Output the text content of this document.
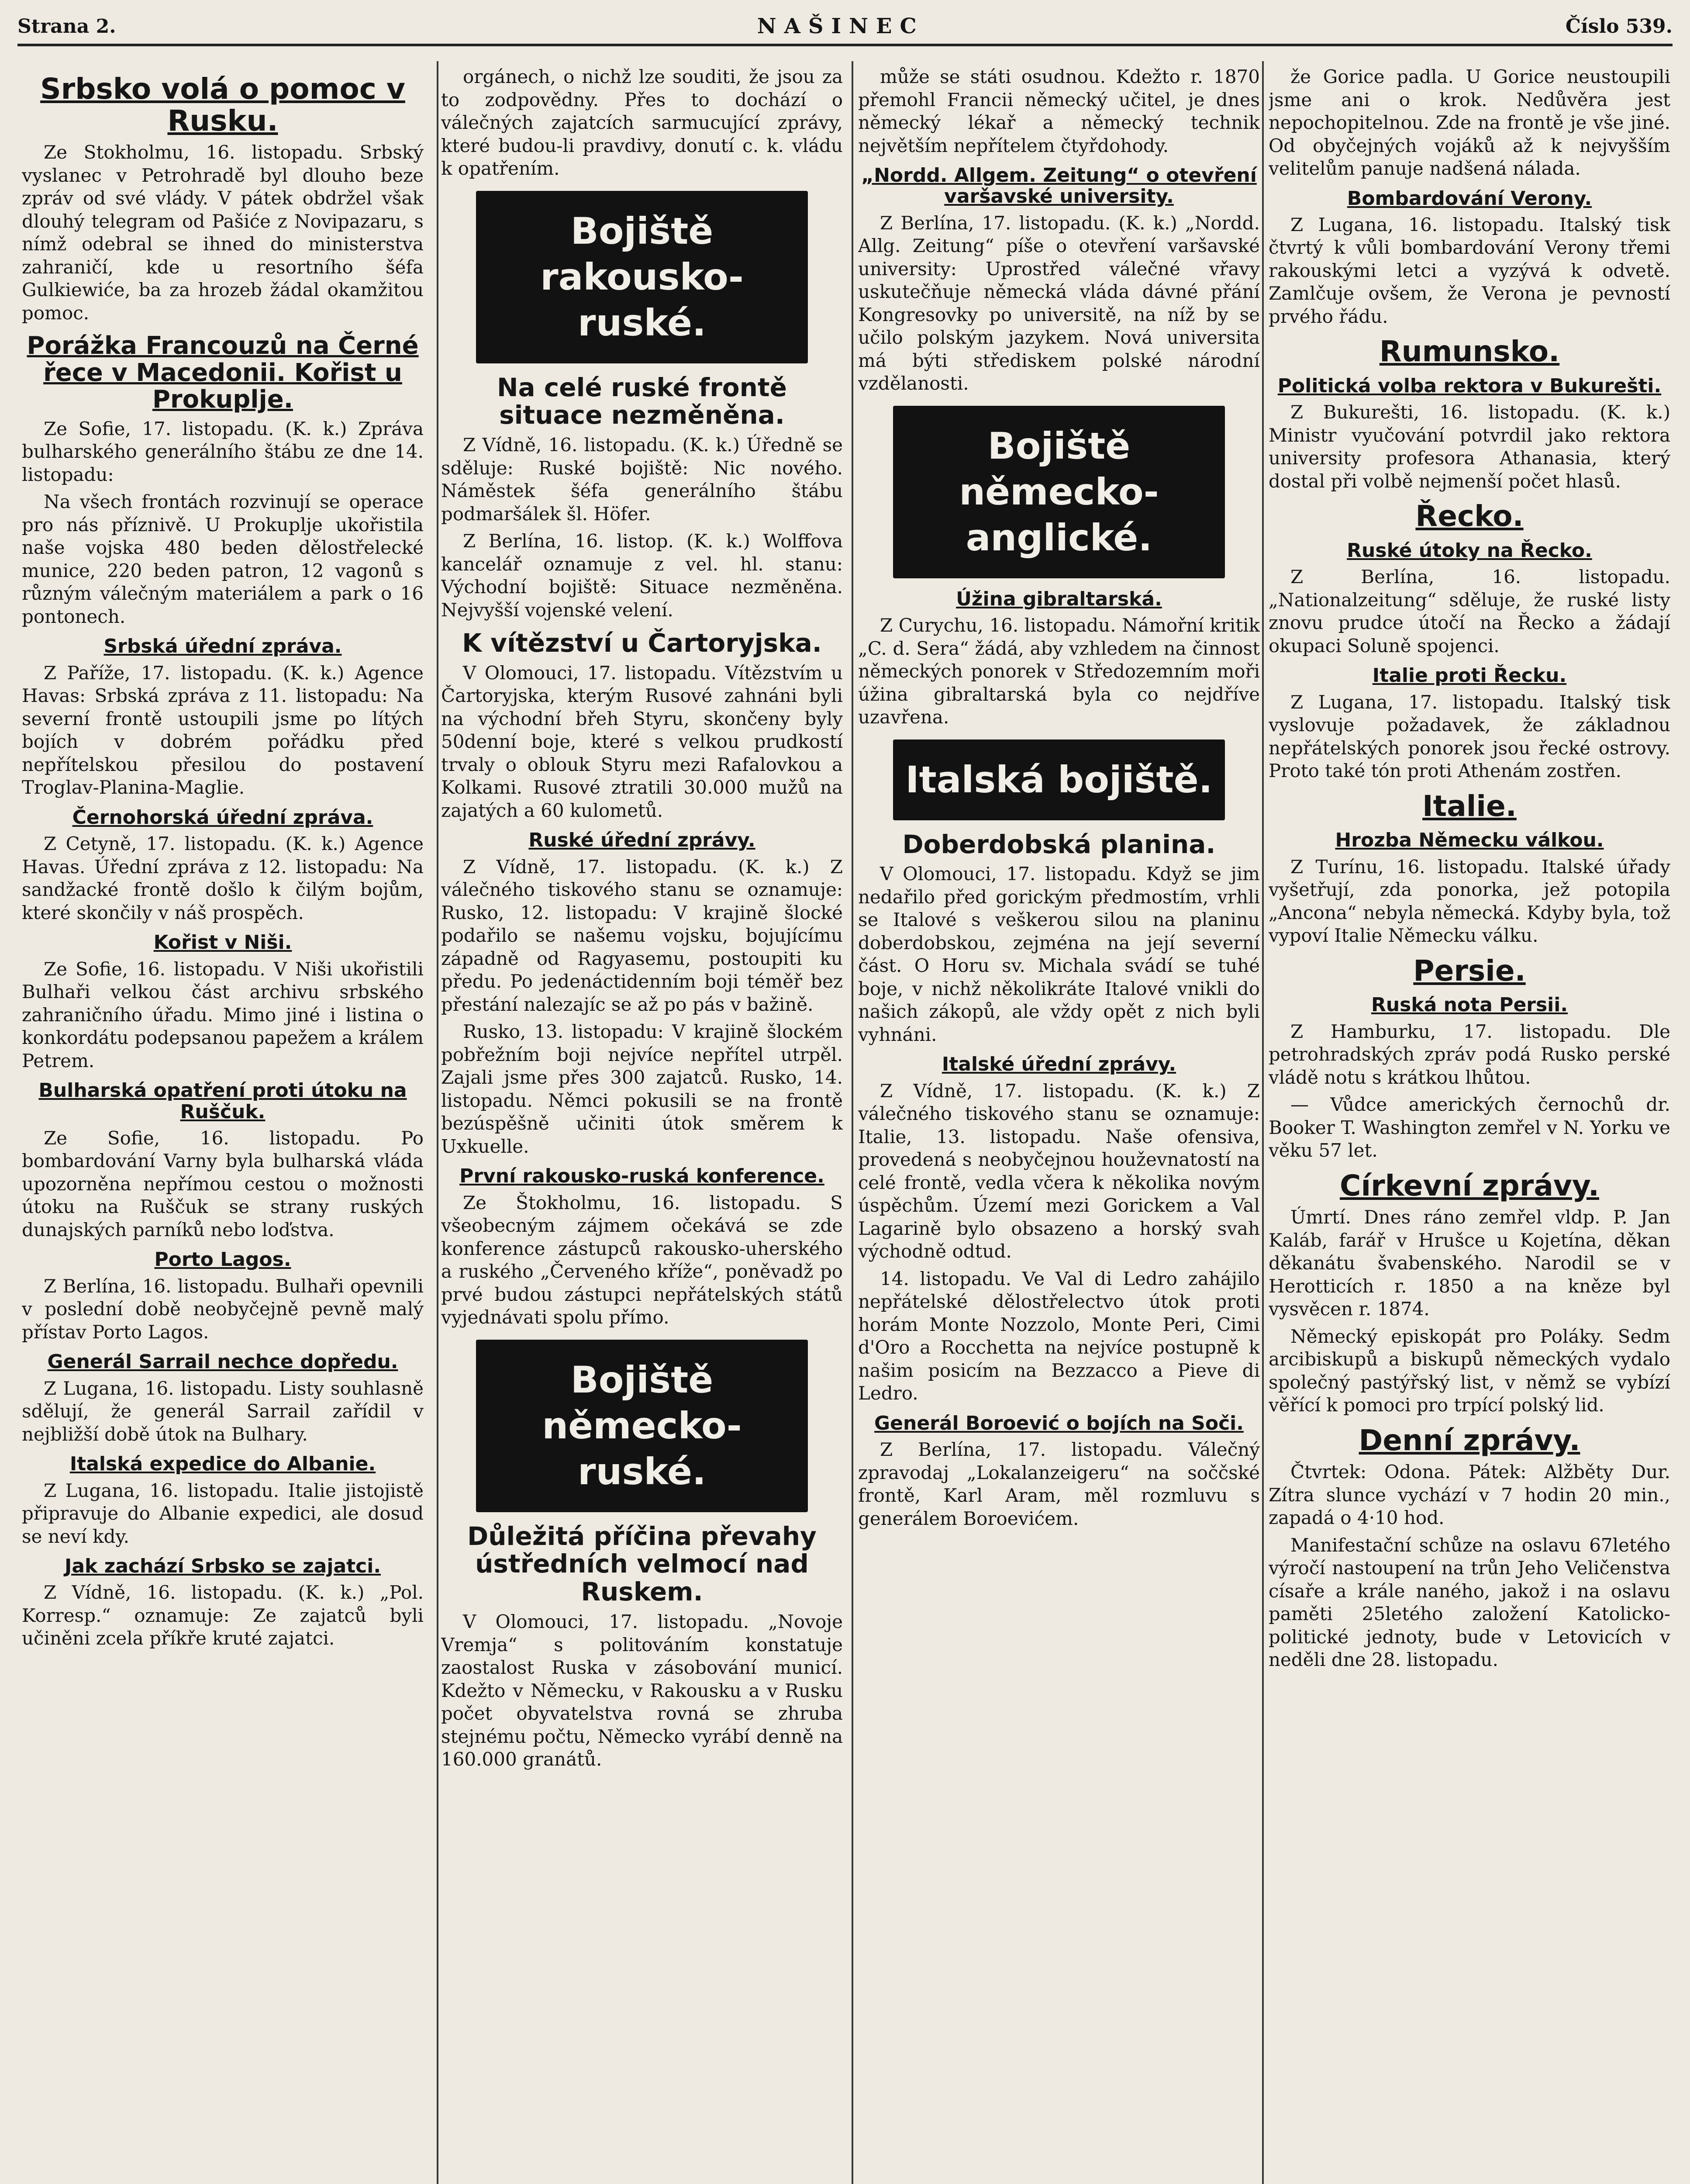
Strana 2.	NAŠINEC	Číslo 539.
Srbsko volá o pomoc v Rusku.

Ze Stokholmu, 16. listopadu. Srbský vyslanec v Petrohradě byl dlouho beze zpráv od své vlády. V pátek obdržel však dlouhý telegram od Pašiće z Novipazaru, s nímž odebral se ihned do ministerstva zahraničí, kde u resortního šéfa Gulkiewiće, ba za hrozeb žádal okamžitou pomoc.

Porážka Francouzů na Černé řece v Macedonii. Kořist u Prokuplje.

Ze Sofie, 17. listopadu. (K. k.) Zpráva bulharského generálního štábu ze dne 14. listopadu:

Na všech frontách rozvinují se operace pro nás příznivě. U Prokuplje ukořistila naše vojska 480 beden dělostřelecké munice, 220 beden patron, 12 vagonů s různým válečným materiálem a park o 16 pontonech.

Srbská úřední zpráva.

Z Paříže, 17. listopadu. (K. k.) Agence Havas: Srbská zpráva z 11. listopadu: Na severní frontě ustoupili jsme po lítých bojích v dobrém pořádku před nepřítelskou přesilou do postavení Troglav-Planina-Maglie.

Černohorská úřední zpráva.

Z Cetyně, 17. listopadu. (K. k.) Agence Havas. Úřední zpráva z 12. listopadu: Na sandžacké frontě došlo k čilým bojům, které skončily v náš prospěch.

Kořist v Niši.

Ze Sofie, 16. listopadu. V Niši ukořistili Bulhaři velkou část archivu srbského zahraničního úřadu. Mimo jiné i listina o konkordátu podepsanou papežem a králem Petrem.

Bulharská opatření proti útoku na Ruščuk.

Ze Sofie, 16. listopadu. Po bombardování Varny byla bulharská vláda upozorněna nepřímou cestou o možnosti útoku na Ruščuk se strany ruských dunajských parníků nebo loďstva.

Porto Lagos.

Z Berlína, 16. listopadu. Bulhaři opevnili v poslední době neobyčejně pevně malý přístav Porto Lagos.

Generál Sarrail nechce dopředu.

Z Lugana, 16. listopadu. Listy souhlasně sdělují, že generál Sarrail zařídil v nejbližší době útok na Bulhary.

Italská expedice do Albanie.

Z Lugana, 16. listopadu. Italie jistojistě připravuje do Albanie expedici, ale dosud se neví kdy.

Jak zachází Srbsko se zajatci.

Z Vídně, 16. listopadu. (K. k.) „Pol. Korresp.“ oznamuje: Ze zajatců byli učiněni zcela příkře kruté zajatci.

orgánech, o nichž lze souditi, že jsou za to zodpovědny. Přes to dochází o válečných zajatcích sarmucující zprávy, které budou-li pravdivy, donutí c. k. vládu k opatřením.

Bojiště rakousko-ruské.
Na celé ruské frontě situace nezměněna.

Z Vídně, 16. listopadu. (K. k.) Úředně se sděluje: Ruské bojiště: Nic nového. Náměstek šéfa generálního štábu podmaršálek šl. Höfer.

Z Berlína, 16. listop. (K. k.) Wolffova kancelář oznamuje z vel. hl. stanu: Východní bojiště: Situace nezměněna. Nejvyšší vojenské velení.

K vítězství u Čartoryjska.

V Olomouci, 17. listopadu. Vítězstvím u Čartoryjska, kterým Rusové zahnáni byli na východní břeh Styru, skončeny byly 50denní boje, které s velkou prudkostí trvaly o oblouk Styru mezi Rafalovkou a Kolkami. Rusové ztratili 30.000 mužů na zajatých a 60 kulometů.

Ruské úřední zprávy.

Z Vídně, 17. listopadu. (K. k.) Z válečného tiskového stanu se oznamuje: Rusko, 12. listopadu: V krajině šlocké podařilo se našemu vojsku, bojujícímu západně od Ragyasemu, postoupiti ku předu. Po jedenáctidenním boji téměř bez přestání nalezajíc se až po pás v bažině.

Rusko, 13. listopadu: V krajině šlockém pobřežním boji nejvíce nepřítel utrpěl. Zajali jsme přes 300 zajatců. Rusko, 14. listopadu. Němci pokusili se na frontě bezúspěšně učiniti útok směrem k Uxkuelle.

První rakousko-ruská konference.

Ze Štokholmu, 16. listopadu. S všeobecným zájmem očekává se zde konference zástupců rakousko-uherského a ruského „Červeného kříže“, poněvadž po prvé budou zástupci nepřátelských států vyjednávati spolu přímo.

Bojiště německo-ruské.
Důležitá příčina převahy ústředních velmocí nad Ruskem.

V Olomouci, 17. listopadu. „Novoje Vremja“ s politováním konstatuje zaostalost Ruska v zásobování municí. Kdežto v Německu, v Rakousku a v Rusku počet obyvatelstva rovná se zhruba stejnému počtu, Německo vyrábí denně na 160.000 granátů.

může se státi osudnou. Kdežto r. 1870 přemohl Francii německý učitel, je dnes německý lékař a německý technik největším nepřítelem čtyřdohody.

„Nordd. Allgem. Zeitung“ o otevření varšavské university.

Z Berlína, 17. listopadu. (K. k.) „Nordd. Allg. Zeitung“ píše o otevření varšavské university: Uprostřed válečné vřavy uskutečňuje německá vláda dávné přání Kongresovky po universitě, na níž by se učilo polským jazykem. Nová universita má býti střediskem polské národní vzdělanosti.

Bojiště německo-anglické.
Úžina gibraltarská.

Z Curychu, 16. listopadu. Námořní kritik „C. d. Sera“ žádá, aby vzhledem na činnost německých ponorek v Středozemním moři úžina gibraltarská byla co nejdříve uzavřena.

Italská bojiště.
Doberdobská planina.

V Olomouci, 17. listopadu. Když se jim nedařilo před gorickým předmostím, vrhli se Italové s veškerou silou na planinu doberdobskou, zejména na její severní část. O Horu sv. Michala svádí se tuhé boje, v nichž několikráte Italové vnikli do našich zákopů, ale vždy opět z nich byli vyhnáni.

Italské úřední zprávy.

Z Vídně, 17. listopadu. (K. k.) Z válečného tiskového stanu se oznamuje: Italie, 13. listopadu. Naše ofensiva, provedená s neobyčejnou houževnatostí na celé frontě, vedla včera k několika novým úspěchům. Území mezi Gorickem a Val Lagarině bylo obsazeno a horský svah východně odtud.

14. listopadu. Ve Val di Ledro zahájilo nepřátelské dělostřelectvo útok proti horám Monte Nozzolo, Monte Peri, Cimi d'Oro a Rocchetta na nejvíce postupně k našim posicím na Bezzacco a Pieve di Ledro.

Generál Boroević o bojích na Soči.

Z Berlína, 17. listopadu. Válečný zpravodaj „Lokalanzeigeru“ na soččské frontě, Karl Aram, měl rozmluvu s generálem Boroevićem.

že Gorice padla. U Gorice neustoupili jsme ani o krok. Nedůvěra jest nepochopitelnou. Zde na frontě je vše jiné. Od obyčejných vojáků až k nejvyšším velitelům panuje nadšená nálada.

Bombardování Verony.

Z Lugana, 16. listopadu. Italský tisk čtvrtý k vůli bombardování Verony třemi rakouskými letci a vyzývá k odvetě. Zamlčuje ovšem, že Verona je pevností prvého řádu.

Rumunsko.
Politická volba rektora v Bukurešti.

Z Bukurešti, 16. listopadu. (K. k.) Ministr vyučování potvrdil jako rektora university profesora Athanasia, který dostal při volbě nejmenší počet hlasů.

Řecko.
Ruské útoky na Řecko.

Z Berlína, 16. listopadu. „Nationalzeitung“ sděluje, že ruské listy znovu prudce útočí na Řecko a žádají okupaci Soluně spojenci.

Italie proti Řecku.

Z Lugana, 17. listopadu. Italský tisk vyslovuje požadavek, že základnou nepřátelských ponorek jsou řecké ostrovy. Proto také tón proti Athenám zostřen.

Italie.
Hrozba Německu válkou.

Z Turínu, 16. listopadu. Italské úřady vyšetřují, zda ponorka, jež potopila „Ancona“ nebyla německá. Kdyby byla, tož vypoví Italie Německu válku.

Persie.
Ruská nota Persii.

Z Hamburku, 17. listopadu. Dle petrohradských zpráv podá Rusko perské vládě notu s krátkou lhůtou.

— Vůdce amerických černochů dr. Booker T. Washington zemřel v N. Yorku ve věku 57 let.

Církevní zprávy.

Úmrtí. Dnes ráno zemřel vldp. P. Jan Kaláb, farář v Hrušce u Kojetína, děkan děkanátu švabenského. Narodil se v Herotticích r. 1850 a na kněze byl vysvěcen r. 1874.

Německý episkopát pro Poláky. Sedm arcibiskupů a biskupů německých vydalo společný pastýřský list, v němž se vybízí věřící k pomoci pro trpící polský lid.

Denní zprávy.

Čtvrtek: Odona. Pátek: Alžběty Dur. Zítra slunce vychází v 7 hodin 20 min., zapadá o 4·10 hod.

Manifestační schůze na oslavu 67letého výročí nastoupení na trůn Jeho Veličenstva císaře a krále naného, jakož i na oslavu paměti 25letého založení Katolicko-politické jednoty, bude v Letovicích v neděli dne 28. listopadu.
